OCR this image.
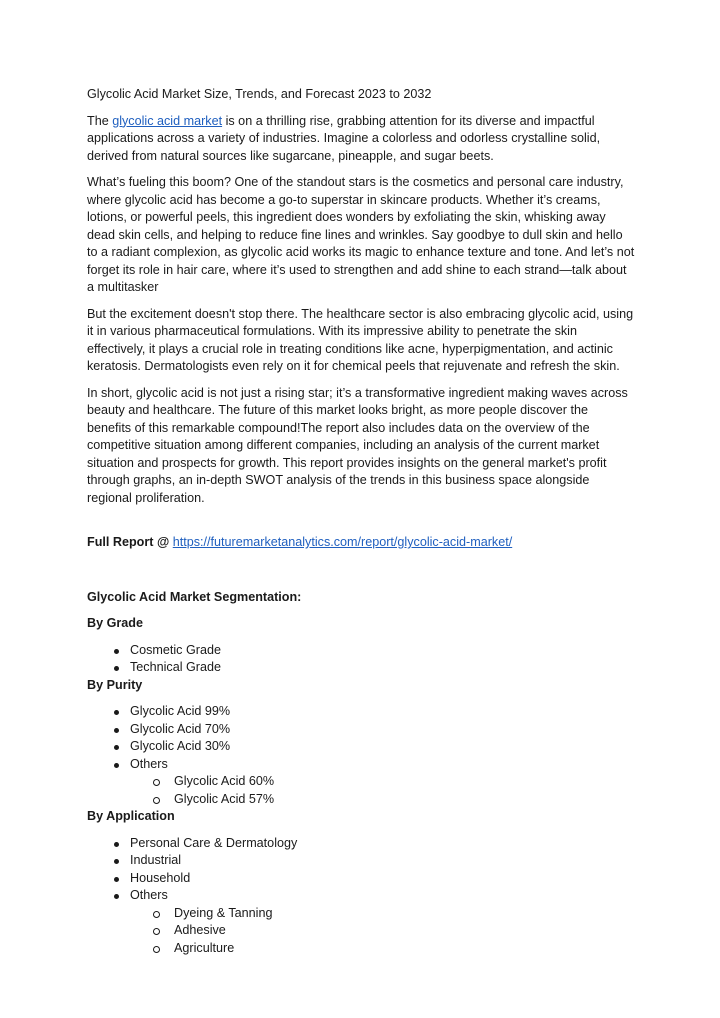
Glycolic Acid Market Size, Trends, and Forecast 2023 to 2032

The glycolic acid market is on a thrilling rise, grabbing attention for its diverse and impactful applications across a variety of industries. Imagine a colorless and odorless crystalline solid, derived from natural sources like sugarcane, pineapple, and sugar beets.

What’s fueling this boom? One of the standout stars is the cosmetics and personal care industry, where glycolic acid has become a go-to superstar in skincare products. Whether it’s creams, lotions, or powerful peels, this ingredient does wonders by exfoliating the skin, whisking away dead skin cells, and helping to reduce fine lines and wrinkles. Say goodbye to dull skin and hello to a radiant complexion, as glycolic acid works its magic to enhance texture and tone. And let’s not forget its role in hair care, where it’s used to strengthen and add shine to each strand—talk about a multitasker

But the excitement doesn't stop there. The healthcare sector is also embracing glycolic acid, using it in various pharmaceutical formulations. With its impressive ability to penetrate the skin effectively, it plays a crucial role in treating conditions like acne, hyperpigmentation, and actinic keratosis. Dermatologists even rely on it for chemical peels that rejuvenate and refresh the skin.

In short, glycolic acid is not just a rising star; it’s a transformative ingredient making waves across beauty and healthcare. The future of this market looks bright, as more people discover the benefits of this remarkable compound!The report also includes data on the overview of the competitive situation among different companies, including an analysis of the current market situation and prospects for growth. This report provides insights on the general market's profit through graphs, an in-depth SWOT analysis of the trends in this business space alongside regional proliferation.

Full Report @ https://futuremarketanalytics.com/report/glycolic-acid-market/

Glycolic Acid Market Segmentation:

By Grade

Cosmetic Grade
Technical Grade

By Purity

Glycolic Acid 99%
Glycolic Acid 70%
Glycolic Acid 30%
Others
Glycolic Acid 60%
Glycolic Acid 57%

By Application

Personal Care & Dermatology
Industrial
Household
Others
Dyeing & Tanning
Adhesive
Agriculture
